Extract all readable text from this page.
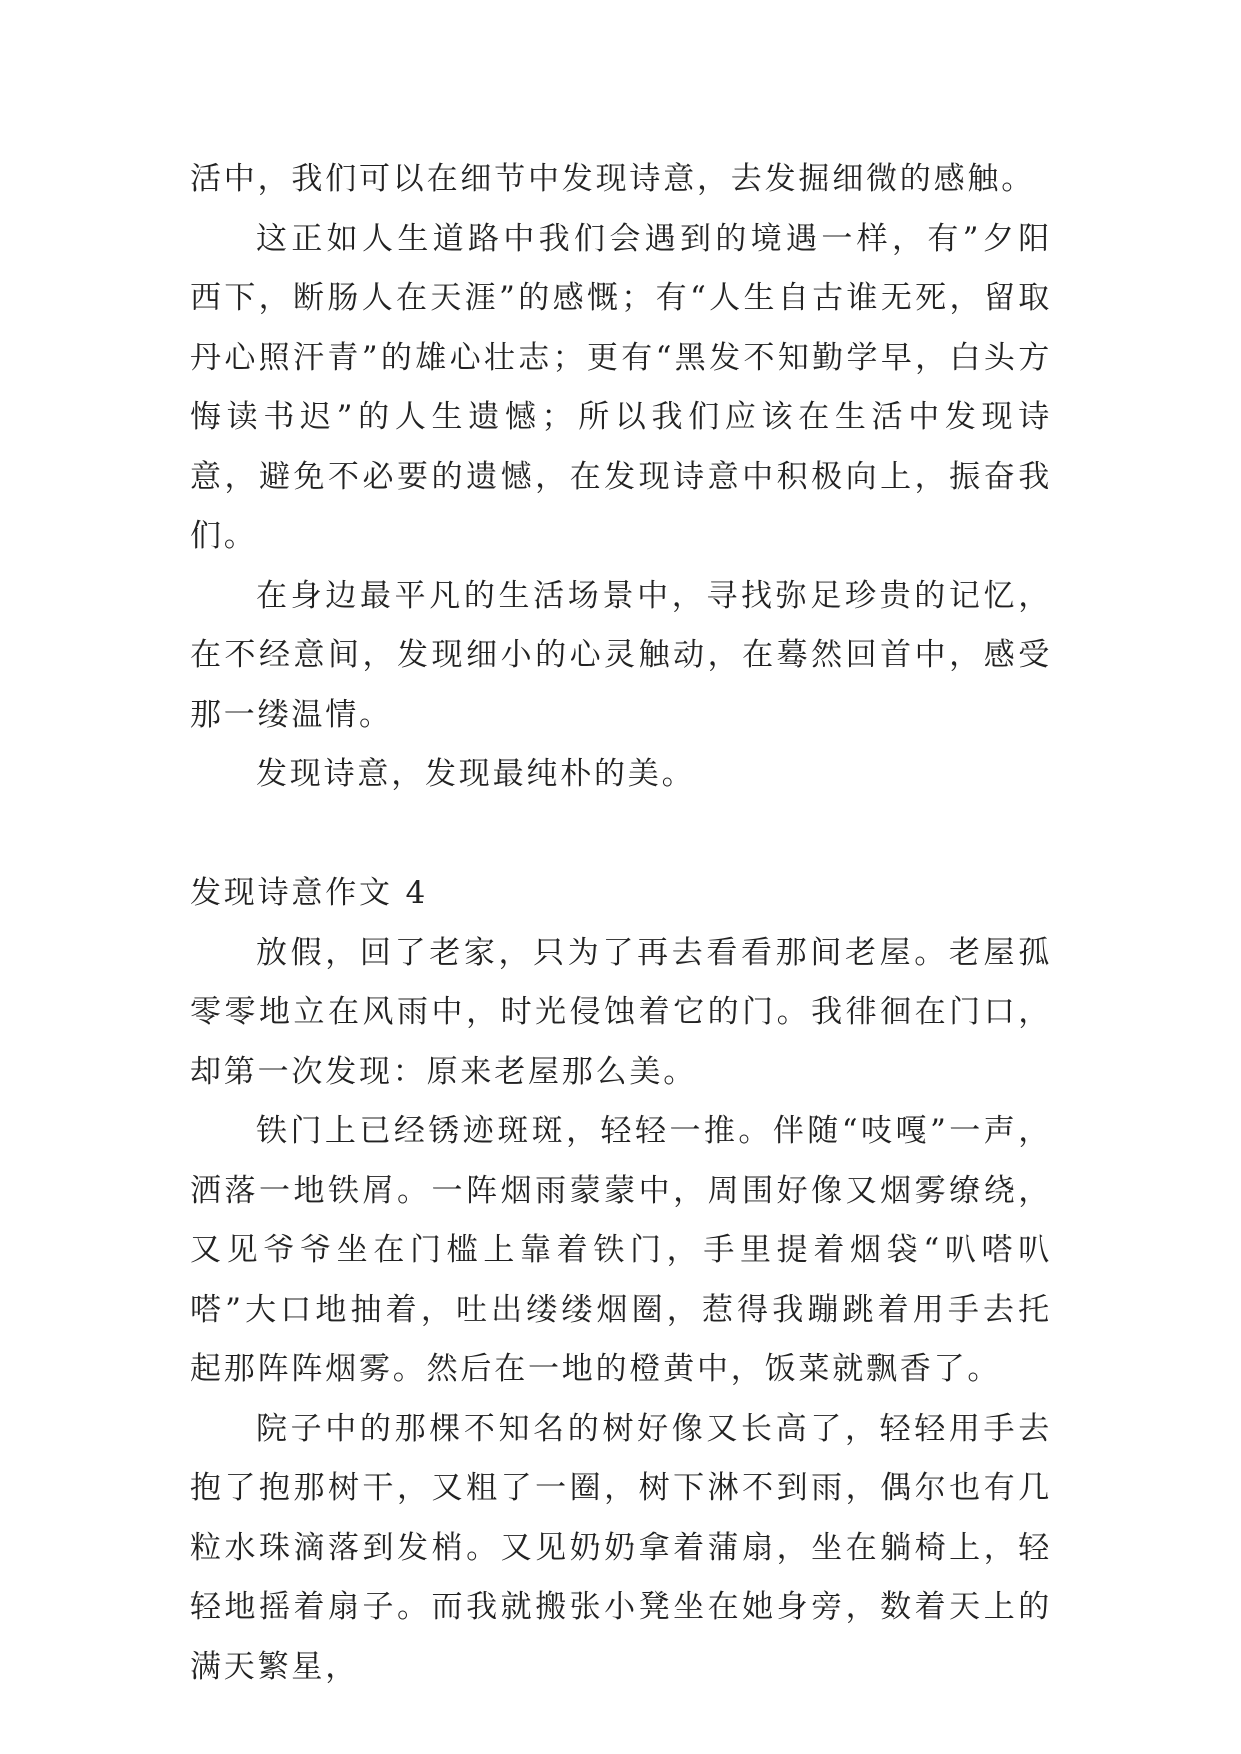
活中，我们可以在细节中发现诗意，去发掘细微的感触。

这正如人生道路中我们会遇到的境遇一样，有”夕阳西下，断肠人在天涯”的感慨；有“人生自古谁无死，留取丹心照汗青”的雄心壮志；更有“黑发不知勤学早，白头方悔读书迟”的人生遗憾；所以我们应该在生活中发现诗意，避免不必要的遗憾，在发现诗意中积极向上，振奋我们。

在身边最平凡的生活场景中，寻找弥足珍贵的记忆，在不经意间，发现细小的心灵触动，在蓦然回首中，感受那一缕温情。

发现诗意，发现最纯朴的美。

发现诗意作文 4

放假，回了老家，只为了再去看看那间老屋。老屋孤零零地立在风雨中，时光侵蚀着它的门。我徘徊在门口，却第一次发现：原来老屋那么美。

铁门上已经锈迹斑斑，轻轻一推。伴随“吱嘎”一声，洒落一地铁屑。一阵烟雨蒙蒙中，周围好像又烟雾缭绕，又见爷爷坐在门槛上靠着铁门，手里提着烟袋“叭嗒叭嗒”大口地抽着，吐出缕缕烟圈，惹得我蹦跳着用手去托起那阵阵烟雾。然后在一地的橙黄中，饭菜就飘香了。

院子中的那棵不知名的树好像又长高了，轻轻用手去抱了抱那树干，又粗了一圈，树下淋不到雨，偶尔也有几粒水珠滴落到发梢。又见奶奶拿着蒲扇，坐在躺椅上，轻轻地摇着扇子。而我就搬张小凳坐在她身旁，数着天上的满天繁星，
